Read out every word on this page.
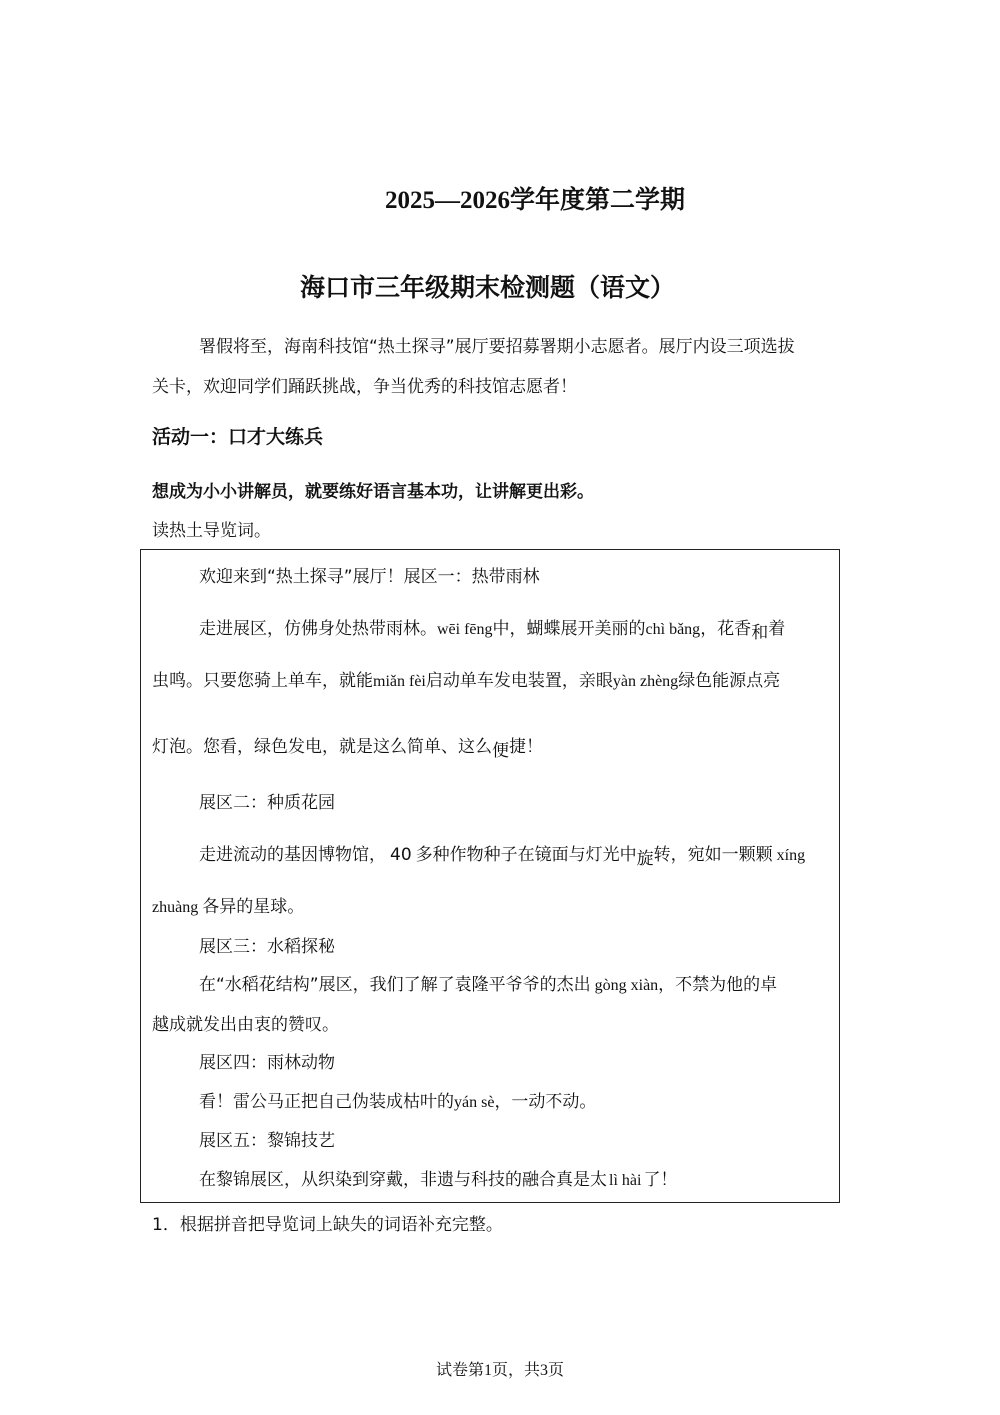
2025—2026学年度第二学期
海口市三年级期末检测题（语文）
署假将至，海南科技馆“热土探寻”展厅要招募署期小志愿者。展厅内设三项选拔
关卡，欢迎同学们踊跃挑战，争当优秀的科技馆志愿者！
活动一：口才大练兵
想成为小小讲解员，就要练好语言基本功，让讲解更出彩。
读热土导览词。
欢迎来到“热土探寻”展厅！展区一：热带雨林
走进展区，仿佛身处热带雨林。wēi fēng中，蝴蝶展开美丽的chì bǎng，花香和着
虫鸣。只要您骑上单车，就能miǎn fèi启动单车发电装置，亲眼yàn zhèng绿色能源点亮
灯泡。您看，绿色发电，就是这么简单、这么便捷！
展区二：种质花园
走进流动的基因博物馆， 40 多种作物种子在镜面与灯光中旋转，宛如一颗颗 xíng
zhuàng 各异的星球。
展区三：水稻探秘
在“水稻花结构”展区，我们了解了袁隆平爷爷的杰出 gòng xiàn，不禁为他的卓
越成就发出由衷的赞叹。
展区四：雨林动物
看！雷公马正把自己伪装成枯叶的yán sè，一动不动。
展区五：黎锦技艺
在黎锦展区，从织染到穿戴，非遗与科技的融合真是太 lì hài 了！
1．根据拼音把导览词上缺失的词语补充完整。
试卷第1页，共3页
